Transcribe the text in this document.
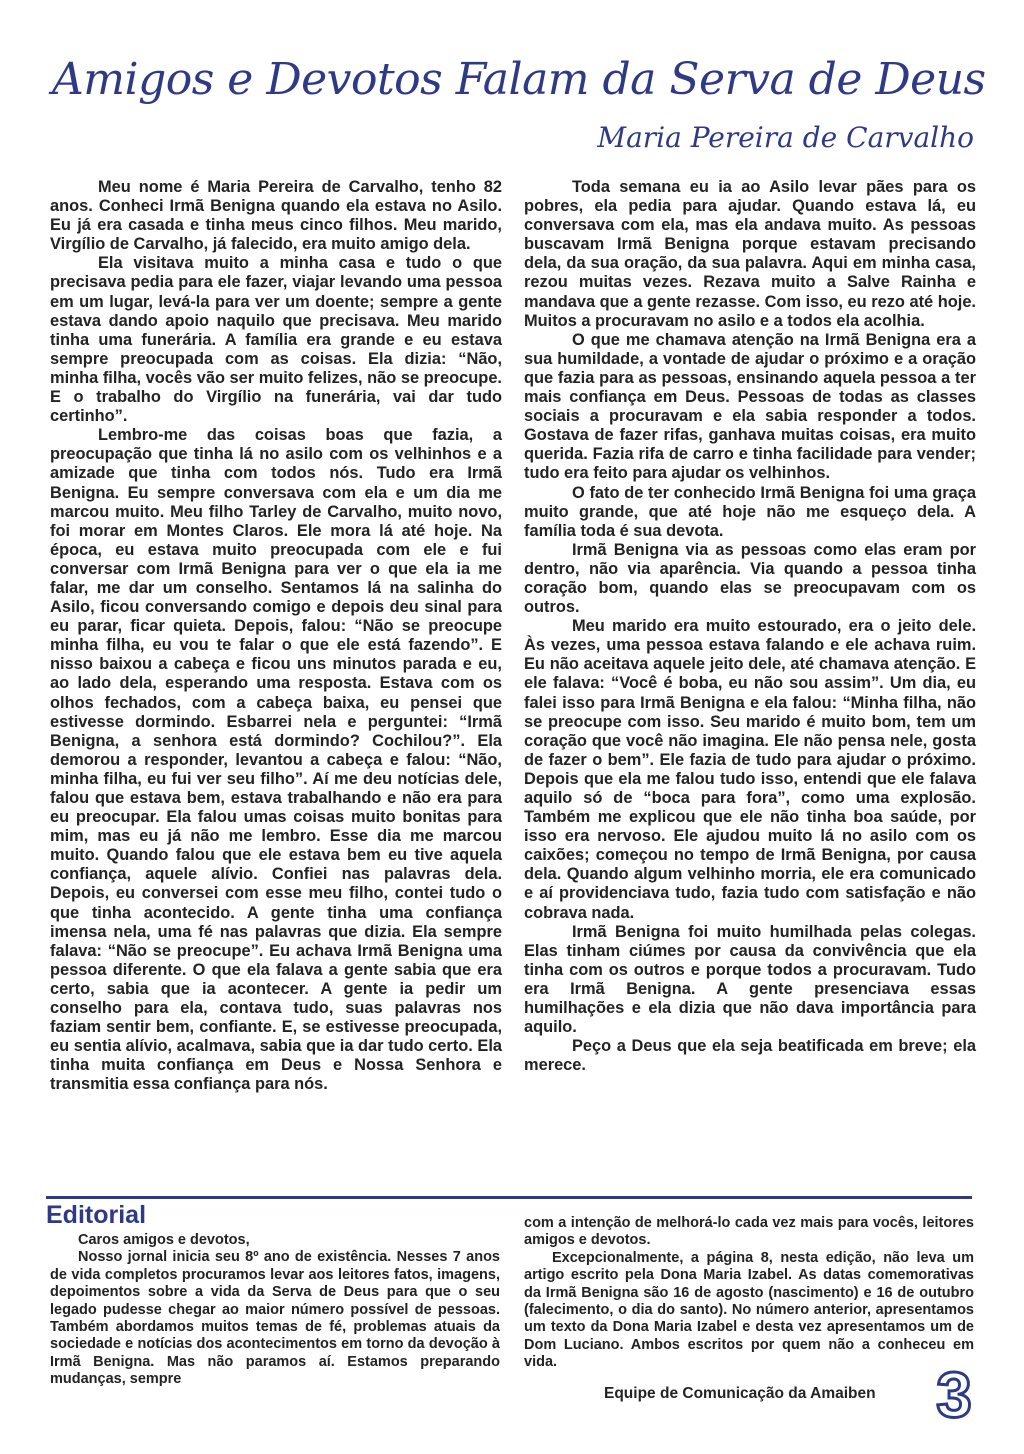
Amigos e Devotos Falam da Serva de Deus
Maria Pereira de Carvalho

Meu nome é Maria Pereira de Carvalho, tenho 82 anos. Conheci Irmã Benigna quando ela estava no Asilo. Eu já era casada e tinha meus cinco filhos. Meu marido, Virgílio de Carvalho, já falecido, era muito amigo dela.

Ela visitava muito a minha casa e tudo o que precisava pedia para ele fazer, viajar levando uma pessoa em um lugar, levá-la para ver um doente; sempre a gente estava dando apoio naquilo que precisava. Meu marido tinha uma funerária. A família era grande e eu estava sempre preocupada com as coisas. Ela dizia: “Não, minha filha, vocês vão ser muito felizes, não se preocupe. E o trabalho do Virgílio na funerária, vai dar tudo certinho”.

Lembro-me das coisas boas que fazia, a preocupação que tinha lá no asilo com os velhinhos e a amizade que tinha com todos nós. Tudo era Irmã Benigna. Eu sempre conversava com ela e um dia me marcou muito. Meu filho Tarley de Carvalho, muito novo, foi morar em Montes Claros. Ele mora lá até hoje. Na época, eu estava muito preocupada com ele e fui conversar com Irmã Benigna para ver o que ela ia me falar, me dar um conselho. Sentamos lá na salinha do Asilo, ficou conversando comigo e depois deu sinal para eu parar, ficar quieta. Depois, falou: “Não se preocupe minha filha, eu vou te falar o que ele está fazendo”. E nisso baixou a cabeça e ficou uns minutos parada e eu, ao lado dela, esperando uma resposta. Estava com os olhos fechados, com a cabeça baixa, eu pensei que estivesse dormindo. Esbarrei nela e perguntei: “Irmã Benigna, a senhora está dormindo? Cochilou?”. Ela demorou a responder, levantou a cabeça e falou: “Não, minha filha, eu fui ver seu filho”. Aí me deu notícias dele, falou que estava bem, estava trabalhando e não era para eu preocupar. Ela falou umas coisas muito bonitas para mim, mas eu já não me lembro. Esse dia me marcou muito. Quando falou que ele estava bem eu tive aquela confiança, aquele alívio. Confiei nas palavras dela. Depois, eu conversei com esse meu filho, contei tudo o que tinha acontecido. A gente tinha uma confiança imensa nela, uma fé nas palavras que dizia. Ela sempre falava: “Não se preocupe”. Eu achava Irmã Benigna uma pessoa diferente. O que ela falava a gente sabia que era certo, sabia que ia acontecer. A gente ia pedir um conselho para ela, contava tudo, suas palavras nos faziam sentir bem, confiante. E, se estivesse preocupada, eu sentia alívio, acalmava, sabia que ia dar tudo certo. Ela tinha muita confiança em Deus e Nossa Senhora e transmitia essa confiança para nós.

Toda semana eu ia ao Asilo levar pães para os pobres, ela pedia para ajudar. Quando estava lá, eu conversava com ela, mas ela andava muito. As pessoas buscavam Irmã Benigna porque estavam precisando dela, da sua oração, da sua palavra. Aqui em minha casa, rezou muitas vezes. Rezava muito a Salve Rainha e mandava que a gente rezasse. Com isso, eu rezo até hoje. Muitos a procuravam no asilo e a todos ela acolhia.

O que me chamava atenção na Irmã Benigna era a sua humildade, a vontade de ajudar o próximo e a oração que fazia para as pessoas, ensinando aquela pessoa a ter mais confiança em Deus. Pessoas de todas as classes sociais a procuravam e ela sabia responder a todos. Gostava de fazer rifas, ganhava muitas coisas, era muito querida. Fazia rifa de carro e tinha facilidade para vender; tudo era feito para ajudar os velhinhos.

O fato de ter conhecido Irmã Benigna foi uma graça muito grande, que até hoje não me esqueço dela. A família toda é sua devota.

Irmã Benigna via as pessoas como elas eram por dentro, não via aparência. Via quando a pessoa tinha coração bom, quando elas se preocupavam com os outros.

Meu marido era muito estourado, era o jeito dele. Às vezes, uma pessoa estava falando e ele achava ruim. Eu não aceitava aquele jeito dele, até chamava atenção. E ele falava: “Você é boba, eu não sou assim”. Um dia, eu falei isso para Irmã Benigna e ela falou: “Minha filha, não se preocupe com isso. Seu marido é muito bom, tem um coração que você não imagina. Ele não pensa nele, gosta de fazer o bem”. Ele fazia de tudo para ajudar o próximo. Depois que ela me falou tudo isso, entendi que ele falava aquilo só de “boca para fora”, como uma explosão. Também me explicou que ele não tinha boa saúde, por isso era nervoso. Ele ajudou muito lá no asilo com os caixões; começou no tempo de Irmã Benigna, por causa dela. Quando algum velhinho morria, ele era comunicado e aí providenciava tudo, fazia tudo com satisfação e não cobrava nada.

Irmã Benigna foi muito humilhada pelas colegas. Elas tinham ciúmes por causa da convivência que ela tinha com os outros e porque todos a procuravam. Tudo era Irmã Benigna. A gente presenciava essas humilhações e ela dizia que não dava importância para aquilo.

Peço a Deus que ela seja beatificada em breve; ela merece.

Editorial

Caros amigos e devotos,

Nosso jornal inicia seu 8º ano de existência. Nesses 7 anos de vida completos procuramos levar aos leitores fatos, imagens, depoimentos sobre a vida da Serva de Deus para que o seu legado pudesse chegar ao maior número possível de pessoas. Também abordamos muitos temas de fé, problemas atuais da sociedade e notícias dos acontecimentos em torno da devoção à Irmã Benigna. Mas não paramos aí. Estamos preparando mudanças, sempre

com a intenção de melhorá-lo cada vez mais para vocês, leitores amigos e devotos.

Excepcionalmente, a página 8, nesta edição, não leva um artigo escrito pela Dona Maria Izabel. As datas comemorativas da Irmã Benigna são 16 de agosto (nascimento) e 16 de outubro (falecimento, o dia do santo). No número anterior, apresentamos um texto da Dona Maria Izabel e desta vez apresentamos um de Dom Luciano. Ambos escritos por quem não a conheceu em vida.

Equipe de Comunicação da Amaiben 3
